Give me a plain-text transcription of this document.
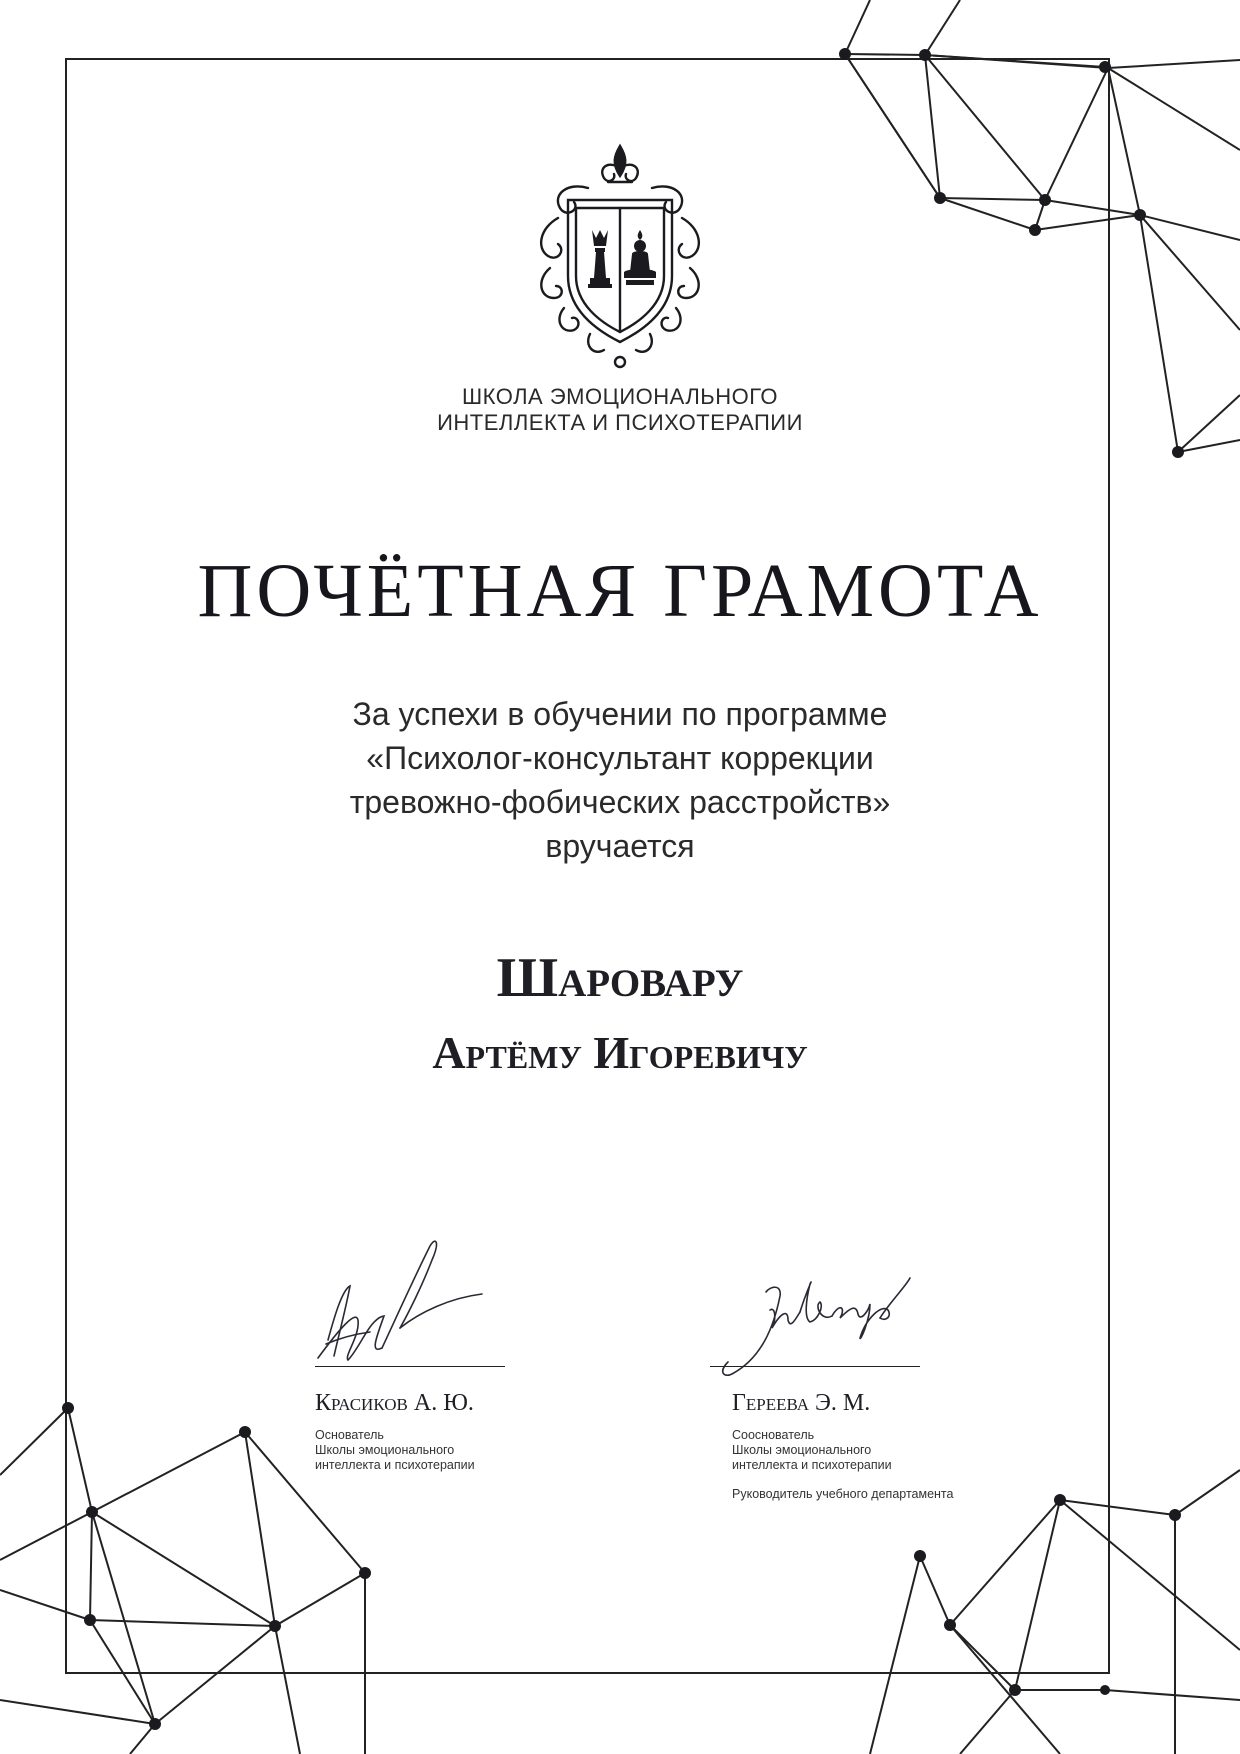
ШКОЛА ЭМОЦИОНАЛЬНОГО
ИНТЕЛЛЕКТА И ПСИХОТЕРАПИИ
ПОЧЁТНАЯ ГРАМОТА
За успехи в обучении по программе
«Психолог-консультант коррекции
тревожно-фобических расстройств»
вручается
Шаровару
Артёму Игоревичу
Красиков А. Ю.
Основатель
Школы эмоционального
интеллекта и психотерапии
Гереева Э. М.
Сооснователь
Школы эмоционального
интеллекта и психотерапии
Руководитель учебного департамента
